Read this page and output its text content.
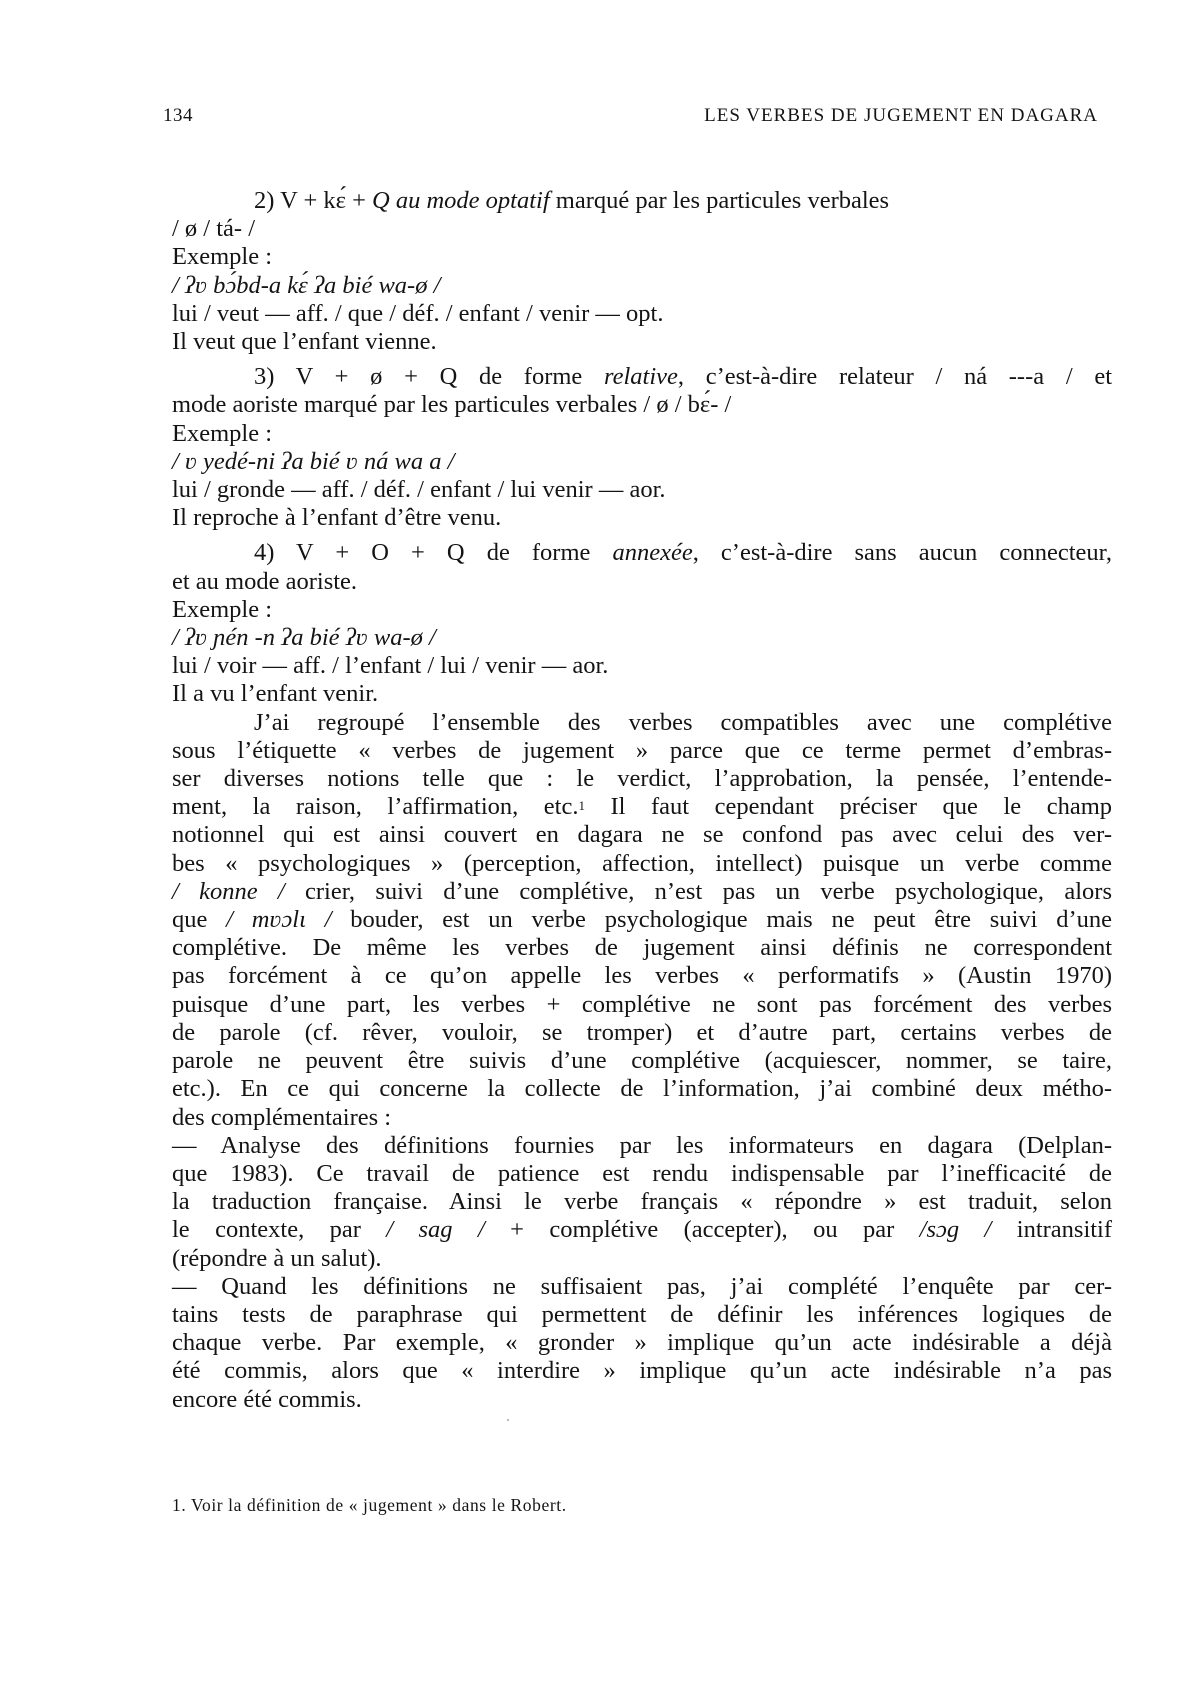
134	LES VERBES DE JUGEMENT EN DAGARA
2) V + kɛ́ + Q au mode optatif marqué par les particules verbales
/ ø / tá- /
Exemple :
/ ʔʋ bɔ́bd-a kɛ́ ʔa bié wa-ø /
lui / veut — aff. / que / déf. / enfant / venir — opt.
Il veut que l’enfant vienne.
3) V + ø + Q de forme relative, c’est-à-dire relateur / ná ---a / et
mode aoriste marqué par les particules verbales / ø / bɛ́- /
Exemple :
/ ʋ yedé-ni ʔa bié ʋ ná wa a /
lui / gronde — aff. / déf. / enfant / lui venir — aor.
Il reproche à l’enfant d’être venu.
4) V + O + Q de forme annexée, c’est-à-dire sans aucun connecteur,
et au mode aoriste.
Exemple :
/ ʔʋ ɲén -n ʔa bié ʔʋ wa-ø /
lui / voir — aff. / l’enfant / lui / venir — aor.
Il a vu l’enfant venir.
J’ai regroupé l’ensemble des verbes compatibles avec une complétive
sous l’étiquette « verbes de jugement » parce que ce terme permet d’embras-
ser diverses notions telle que : le verdict, l’approbation, la pensée, l’entende-
ment, la raison, l’affirmation, etc.$^1$ Il faut cependant préciser que le champ
notionnel qui est ainsi couvert en dagara ne se confond pas avec celui des ver-
bes « psychologiques » (perception, affection, intellect) puisque un verbe comme
/ konne / crier, suivi d’une complétive, n’est pas un verbe psychologique, alors
que / mʋɔlɩ / bouder, est un verbe psychologique mais ne peut être suivi d’une
complétive. De même les verbes de jugement ainsi définis ne correspondent
pas forcément à ce qu’on appelle les verbes « performatifs » (Austin 1970)
puisque d’une part, les verbes + complétive ne sont pas forcément des verbes
de parole (cf. rêver, vouloir, se tromper) et d’autre part, certains verbes de
parole ne peuvent être suivis d’une complétive (acquiescer, nommer, se taire,
etc.). En ce qui concerne la collecte de l’information, j’ai combiné deux métho-
des complémentaires :
— Analyse des définitions fournies par les informateurs en dagara (Delplan-
que 1983). Ce travail de patience est rendu indispensable par l’inefficacité de
la traduction française. Ainsi le verbe français « répondre » est traduit, selon
le contexte, par / sag / + complétive (accepter), ou par /sɔg / intransitif
(répondre à un salut).
— Quand les définitions ne suffisaient pas, j’ai complété l’enquête par cer-
tains tests de paraphrase qui permettent de définir les inférences logiques de
chaque verbe. Par exemple, « gronder » implique qu’un acte indésirable a déjà
été commis, alors que « interdire » implique qu’un acte indésirable n’a pas
encore été commis.
1. Voir la définition de « jugement » dans le Robert.
